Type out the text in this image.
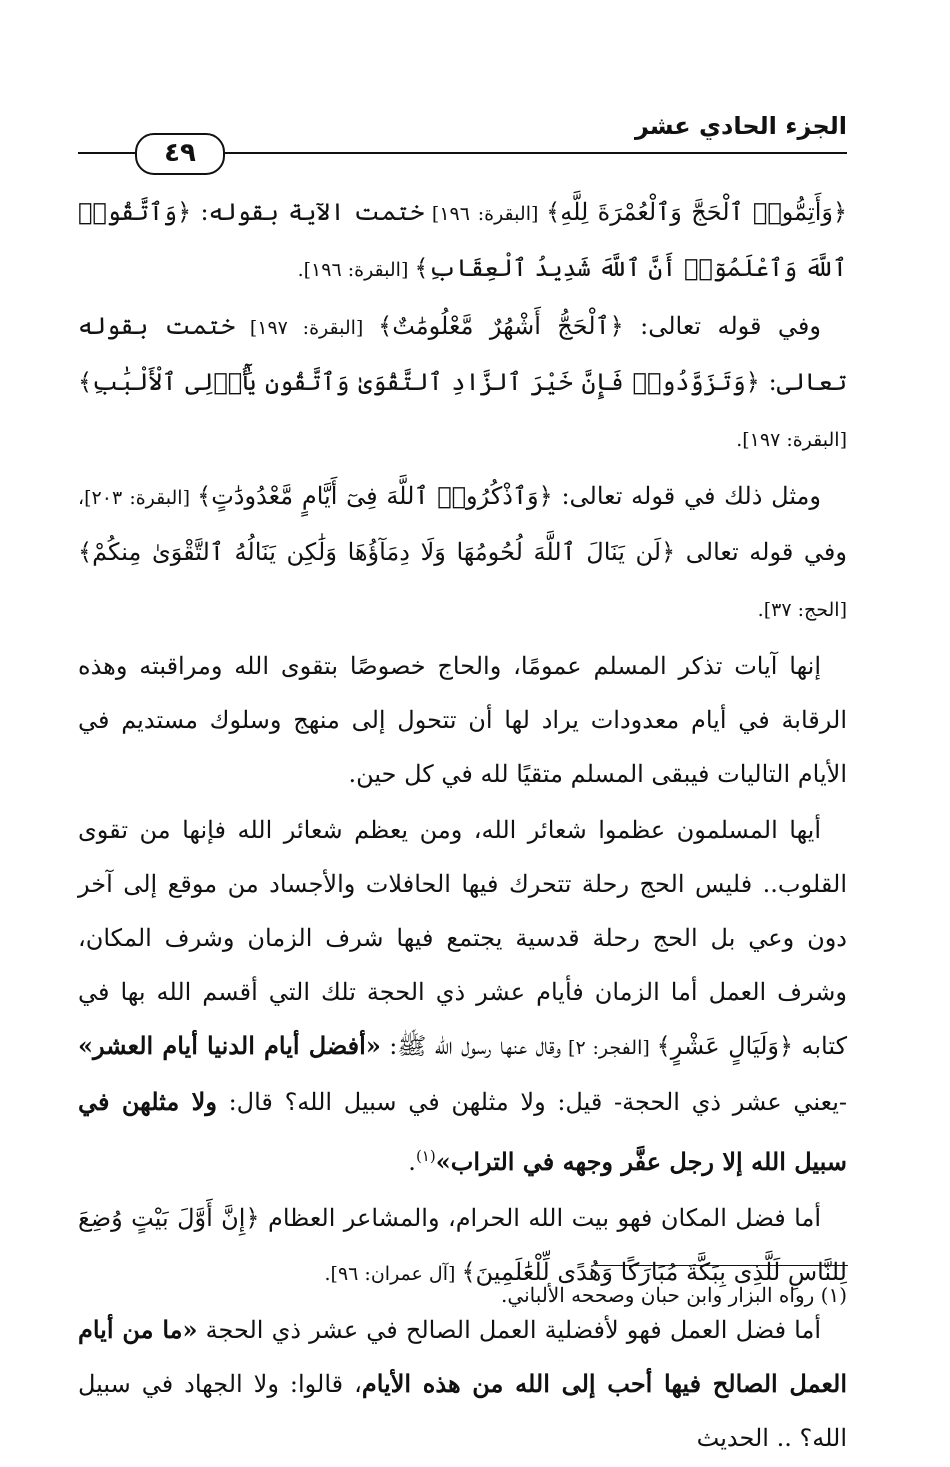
الجزء الحادي عشر
٤٩

﴿وَأَتِمُّوا۟ ٱلْحَجَّ وَٱلْعُمْرَةَ لِلَّهِ﴾ [البقرة: ١٩٦] ختمت الآية بقوله: ﴿وَٱتَّقُوا۟ ٱللَّهَ وَٱعْلَمُوٓا۟ أَنَّ ٱللَّهَ شَدِيدُ ٱلْعِقَابِ﴾ [البقرة: ١٩٦].

وفي قوله تعالى: ﴿ٱلْحَجُّ أَشْهُرٌ مَّعْلُومَٰتٌ﴾ [البقرة: ١٩٧] ختمت بقوله تعالى: ﴿وَتَزَوَّدُوا۟ فَإِنَّ خَيْرَ ٱلزَّادِ ٱلتَّقْوَىٰ وَٱتَّقُونِ يَٰٓأُو۟لِى ٱلْأَلْبَٰبِ﴾ [البقرة: ١٩٧].

ومثل ذلك في قوله تعالى: ﴿وَٱذْكُرُوا۟ ٱللَّهَ فِىٓ أَيَّامٍ مَّعْدُودَٰتٍ﴾ [البقرة: ٢٠٣]، وفي قوله تعالى ﴿لَن يَنَالَ ٱللَّهَ لُحُومُهَا وَلَا دِمَآؤُهَا وَلَٰكِن يَنَالُهُ ٱلتَّقْوَىٰ مِنكُمْ﴾ [الحج: ٣٧].

إنها آيات تذكر المسلم عمومًا، والحاج خصوصًا بتقوى الله ومراقبته وهذه الرقابة في أيام معدودات يراد لها أن تتحول إلى منهج وسلوك مستديم في الأيام التاليات فيبقى المسلم متقيًا لله في كل حين.

أيها المسلمون عظموا شعائر الله، ومن يعظم شعائر الله فإنها من تقوى القلوب.. فليس الحج رحلة تتحرك فيها الحافلات والأجساد من موقع إلى آخر دون وعي بل الحج رحلة قدسية يجتمع فيها شرف الزمان وشرف المكان، وشرف العمل أما الزمان فأيام عشر ذي الحجة تلك التي أقسم الله بها في كتابه ﴿وَلَيَالٍ عَشْرٍ﴾ [الفجر: ٢] وقال عنها رسول الله ﷺ: «أفضل أيام الدنيا أيام العشر» -يعني عشر ذي الحجة- قيل: ولا مثلهن في سبيل الله؟ قال: ولا مثلهن في سبيل الله إلا رجل عفَّر وجهه في التراب»$^{(١)}$.

أما فضل المكان فهو بيت الله الحرام، والمشاعر العظام ﴿إِنَّ أَوَّلَ بَيْتٍ وُضِعَ لِلنَّاسِ لَلَّذِى بِبَكَّةَ مُبَارَكًا وَهُدًى لِّلْعَٰلَمِينَ﴾ [آل عمران: ٩٦].

أما فضل العمل فهو لأفضلية العمل الصالح في عشر ذي الحجة «ما من أيام العمل الصالح فيها أحب إلى الله من هذه الأيام، قالوا: ولا الجهاد في سبيل الله؟ .. الحديث

(١) رواه البزار وابن حبان وصححه الألباني.
